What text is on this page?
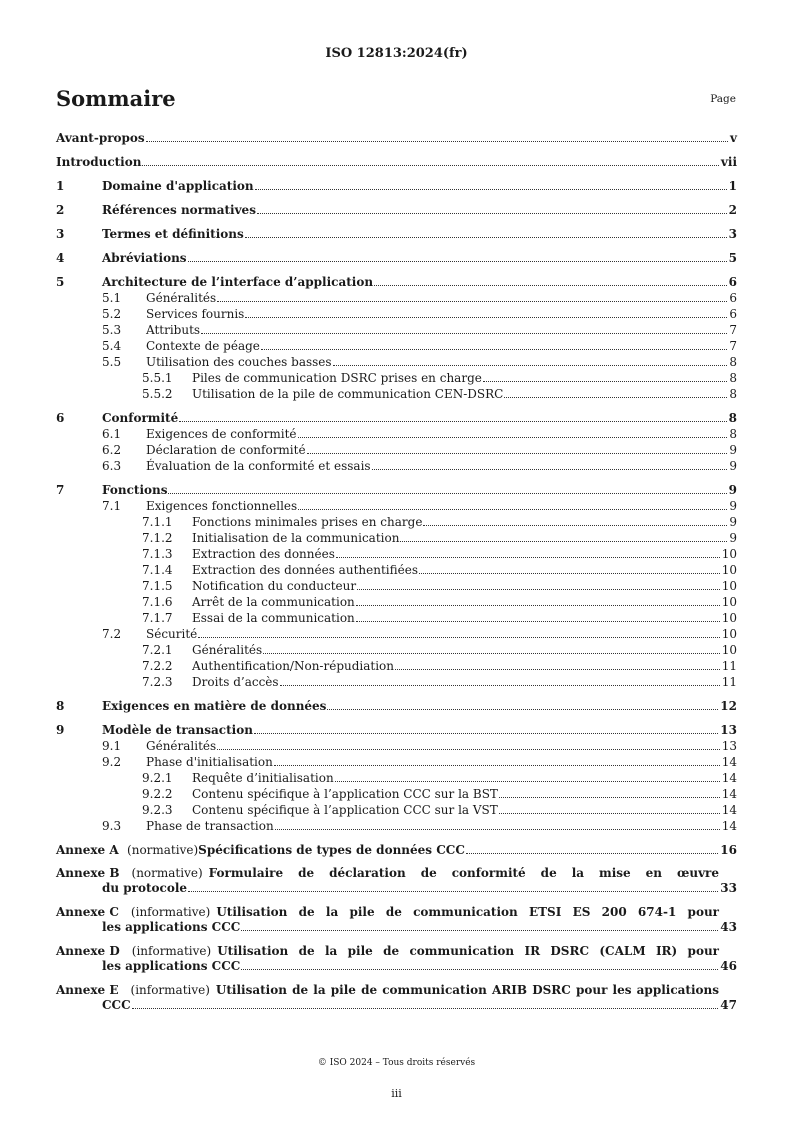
ISO 12813:2024(fr)
Sommaire	Page
Avant-propos	v
Introduction	vii
1	Domaine d'application	1
2	Références normatives	2
3	Termes et définitions	3
4	Abréviations	5
5	Architecture de l’interface d’application	6
5.1 Généralités	6
5.2 Services fournis	6
5.3 Attributs	7
5.4 Contexte de péage	7
5.5 Utilisation des couches basses	8
5.5.1 Piles de communication DSRC prises en charge	8
5.5.2 Utilisation de la pile de communication CEN-DSRC	8
6	Conformité	8
6.1 Exigences de conformité	8
6.2 Déclaration de conformité	9
6.3 Évaluation de la conformité et essais	9
7	Fonctions	9
7.1 Exigences fonctionnelles	9
7.1.1 Fonctions minimales prises en charge	9
7.1.2 Initialisation de la communication	9
7.1.3 Extraction des données	10
7.1.4 Extraction des données authentifiées	10
7.1.5 Notification du conducteur	10
7.1.6 Arrêt de la communication	10
7.1.7 Essai de la communication	10
7.2 Sécurité	10
7.2.1 Généralités	10
7.2.2 Authentification/Non-répudiation	11
7.2.3 Droits d’accès	11
8	Exigences en matière de données	12
9	Modèle de transaction	13
9.1 Généralités	13
9.2 Phase d'initialisation	14
9.2.1 Requête d’initialisation	14
9.2.2 Contenu spécifique à l’application CCC sur la BST	14
9.2.3 Contenu spécifique à l’application CCC sur la VST	14
9.3 Phase de transaction	14
Annexe A  (normative)Spécifications de types de données CCC	16
Annexe B (normative) Formulaire de déclaration de conformité de la mise en œuvre
du protocole	33
Annexe C (informative) Utilisation de la pile de communication ETSI ES 200 674-1 pour
les applications CCC	43
Annexe D (informative) Utilisation de la pile de communication IR DSRC (CALM IR) pour
les applications CCC	46
Annexe E (informative) Utilisation de la pile de communication ARIB DSRC pour les applications
CCC	47
© ISO 2024 – Tous droits réservés
iii
